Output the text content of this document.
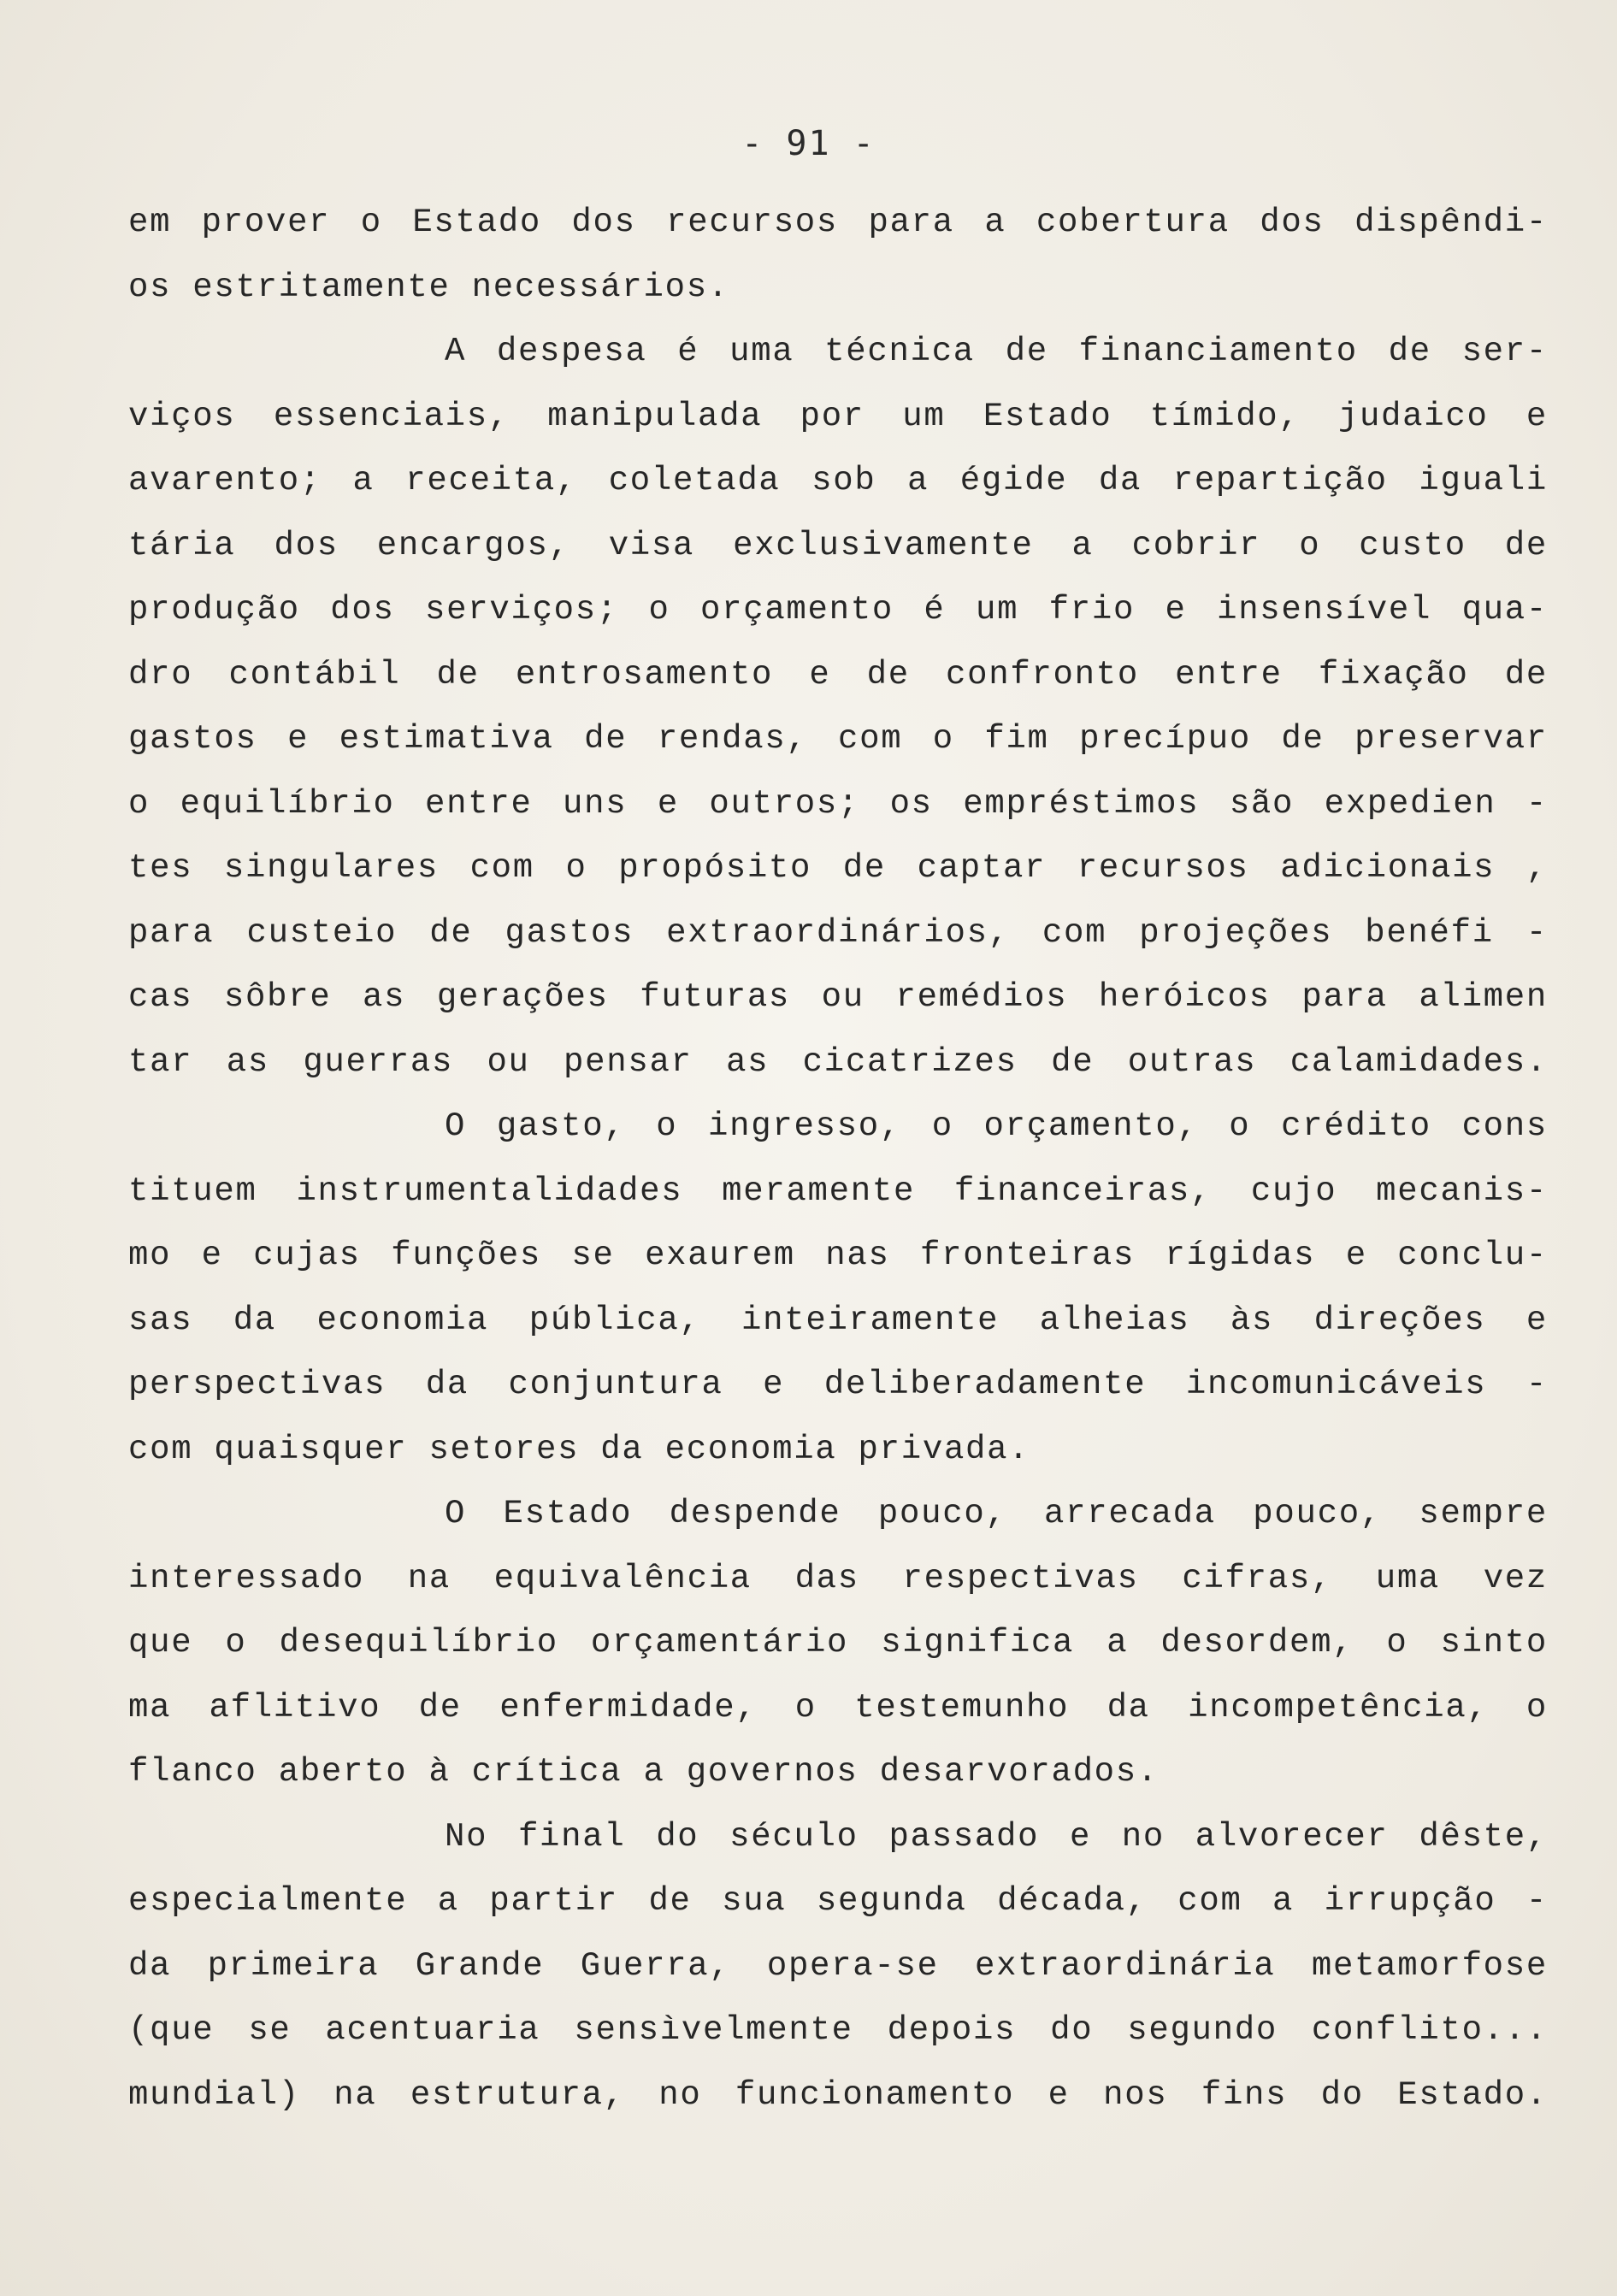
- 91 -
em prover o Estado dos recursos para a cobertura dos dispêndi-
os estritamente necessários.
A despesa é uma técnica de financiamento de ser-
viços essenciais, manipulada por um Estado tímido, judaico e
avarento; a receita, coletada sob a égide da repartição iguali
tária dos encargos, visa exclusivamente a cobrir o custo de
produção dos serviços; o orçamento é um frio e insensível qua-
dro contábil de entrosamento e de confronto entre fixação de
gastos e estimativa de rendas, com o fim precípuo de preservar
o equilíbrio entre uns e outros; os empréstimos são expedien -
tes singulares com o propósito de captar recursos adicionais ,
para custeio de gastos extraordinários, com projeções benéfi -
cas sôbre as gerações futuras ou remédios heróicos para alimen
tar as guerras ou pensar as cicatrizes de outras calamidades.
O gasto, o ingresso, o orçamento, o crédito cons
tituem instrumentalidades meramente financeiras, cujo mecanis-
mo e cujas funções se exaurem nas fronteiras rígidas e conclu-
sas da economia pública, inteiramente alheias às direções e
perspectivas da conjuntura e deliberadamente incomunicáveis -
com quaisquer setores da economia privada.
O Estado despende pouco, arrecada pouco, sempre
interessado na equivalência das respectivas cifras, uma vez
que o desequilíbrio orçamentário significa a desordem, o sinto
ma aflitivo de enfermidade, o testemunho da incompetência, o
flanco aberto à crítica a governos desarvorados.
No final do século passado e no alvorecer dêste,
especialmente a partir de sua segunda década, com a irrupção -
da primeira Grande Guerra, opera-se extraordinária metamorfose
(que se acentuaria sensìvelmente depois do segundo conflito...
mundial) na estrutura, no funcionamento e nos fins do Estado.
